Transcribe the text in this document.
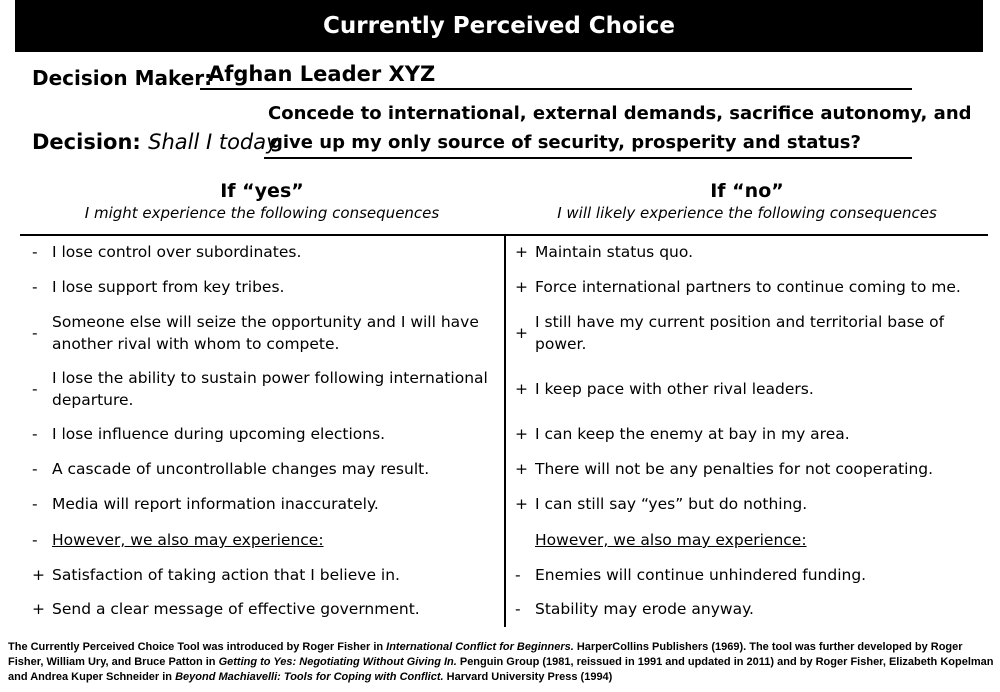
Currently Perceived Choice
Decision Maker:
Afghan Leader XYZ
Decision: Shall I today
Concede to international, external demands, sacrifice autonomy, and
give up my only source of security, prosperity and status?
If “yes”
I might experience the following consequences
If “no”
I will likely experience the following consequences
- I lose control over subordinates.
- I lose support from key tribes.
-
Someone else will seize the opportunity and I will have another rival with whom to compete.
-
I lose the ability to sustain power following international departure.
- I lose influence during upcoming elections.
- A cascade of uncontrollable changes may result.
- Media will report information inaccurately.
- However, we also may experience:
+ Satisfaction of taking action that I believe in.
+ Send a clear message of effective government.
+ Maintain status quo.
+ Force international partners to continue coming to me.
+
I still have my current position and territorial base of power.
+ I keep pace with other rival leaders.
+ I can keep the enemy at bay in my area.
+ There will not be any penalties for not cooperating.
+ I can still say “yes” but do nothing.
However, we also may experience:
- Enemies will continue unhindered funding.
- Stability may erode anyway.
The Currently Perceived Choice Tool was introduced by Roger Fisher in International Conflict for Beginners. HarperCollins Publishers (1969). The tool was further developed by Roger Fisher, William Ury, and Bruce Patton in Getting to Yes: Negotiating Without Giving In. Penguin Group (1981, reissued in 1991 and updated in 2011) and by Roger Fisher, Elizabeth Kopelman and Andrea Kuper Schneider in Beyond Machiavelli: Tools for Coping with Conflict. Harvard University Press (1994)
